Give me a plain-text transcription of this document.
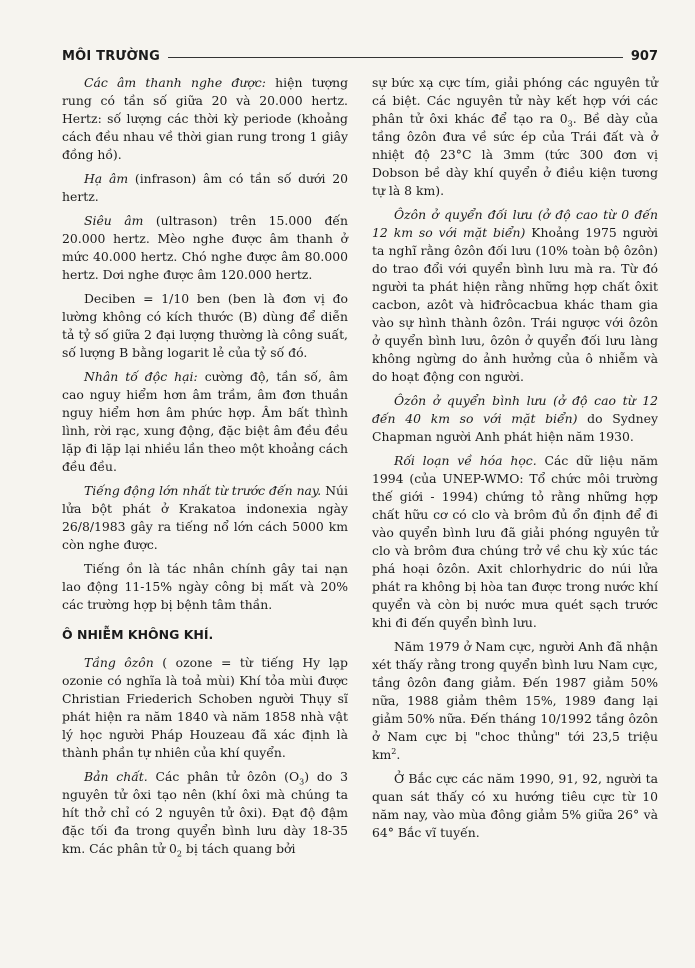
MÔI TRƯỜNG	907

Các âm thanh nghe được: hiện tượng rung có tần số giữa 20 và 20.000 hertz. Hertz: số lượng các thời kỳ periode (khoảng cách đều nhau về thời gian rung trong 1 giây đồng hồ).

Hạ âm (infrason) âm có tần số dưới 20 hertz.

Siêu âm (ultrason) trên 15.000 đến 20.000 hertz. Mèo nghe được âm thanh ở mức 40.000 hertz. Chó nghe được âm 80.000 hertz. Dơi nghe được âm 120.000 hertz.

Deciben = 1/10 ben (ben là đơn vị đo lường không có kích thước (B) dùng để diễn tả tỷ số giữa 2 đại lượng thường là công suất, số lượng B bằng logarit lẻ của tỷ số đó.

Nhân tố độc hại: cường độ, tần số, âm cao nguy hiểm hơn âm trầm, âm đơn thuần nguy hiểm hơn âm phức hợp. Âm bất thình lình, rời rạc, xung động, đặc biệt âm đều đều lặp đi lặp lại nhiều lần theo một khoảng cách đều đều.

Tiếng động lớn nhất từ trước đến nay. Núi lửa bột phát ở Krakatoa indonexia ngày 26/8/1983 gây ra tiếng nổ lớn cách 5000 km còn nghe được.

Tiếng ồn là tác nhân chính gây tai nạn lao động 11-15% ngày công bị mất và 20% các trường hợp bị bệnh tâm thần.

Ô NHIỄM KHÔNG KHÍ.

Tầng ôzôn ( ozone = từ tiếng Hy lạp ozonie có nghĩa là toả mùi) Khí tỏa mùi được Christian Friederich Schoben người Thụy sĩ phát hiện ra năm 1840 và năm 1858 nhà vật lý học người Pháp Houzeau đã xác định là thành phần tự nhiên của khí quyển.

Bản chất. Các phân tử ôzôn $(O_3)$ do 3 nguyên tử ôxi tạo nên (khí ôxi mà chúng ta hít thở chỉ có 2 nguyên tử ôxi). Đạt độ đậm đặc tối đa trong quyển bình lưu dày 18-35 km. Các phân tử $0_2$ bị tách quang bởi

sự bức xạ cực tím, giải phóng các nguyên tử cá biệt. Các nguyên tử này kết hợp với các phân tử ôxi khác để tạo ra $0_3$. Bề dày của tầng ôzôn đưa về sức ép của Trái đất và ở nhiệt độ 23°C là 3mm (tức 300 đơn vị Dobson bề dày khí quyển ở điều kiện tương tự là 8 km).

Ôzôn ở quyển đối lưu (ở độ cao từ 0 đến 12 km so với mặt biển) Khoảng 1975 người ta nghĩ rằng ôzôn đối lưu (10% toàn bộ ôzôn) do trao đổi với quyển bình lưu mà ra. Từ đó người ta phát hiện rằng những hợp chất ôxit cacbon, azôt và hiđrôcacbua khác tham gia vào sự hình thành ôzôn. Trái ngược với ôzôn ở quyển bình lưu, ôzôn ở quyển đối lưu làng không ngừng do ảnh hưởng của ô nhiễm và do hoạt động con người.

Ôzôn ở quyển bình lưu (ở độ cao từ 12 đến 40 km so với mặt biển) do Sydney Chapman người Anh phát hiện năm 1930.

Rối loạn về hóa học. Các dữ liệu năm 1994 (của UNEP-WMO: Tổ chức môi trường thế giới - 1994) chứng tỏ rằng những hợp chất hữu cơ có clo và brôm đủ ổn định để đi vào quyển bình lưu đã giải phóng nguyên tử clo và brôm đưa chúng trở về chu kỳ xúc tác phá hoại ôzôn. Axit chlorhydric do núi lửa phát ra không bị hòa tan được trong nước khí quyển và còn bị nước mưa quét sạch trước khi đi đến quyển bình lưu.

Năm 1979 ở Nam cực, người Anh đã nhận xét thấy rằng trong quyển bình lưu Nam cực, tầng ôzôn đang giảm. Đến 1987 giảm 50% nữa, 1988 giảm thêm 15%, 1989 đang lại giảm 50% nữa. Đến tháng 10/1992 tầng ôzôn ở Nam cực bị "choc thủng" tới 23,5 triệu $km^2$.

Ở Bắc cực các năm 1990, 91, 92, người ta quan sát thấy có xu hướng tiêu cực từ 10 năm nay, vào mùa đông giảm 5% giữa 26° và 64° Bắc vĩ tuyến.
